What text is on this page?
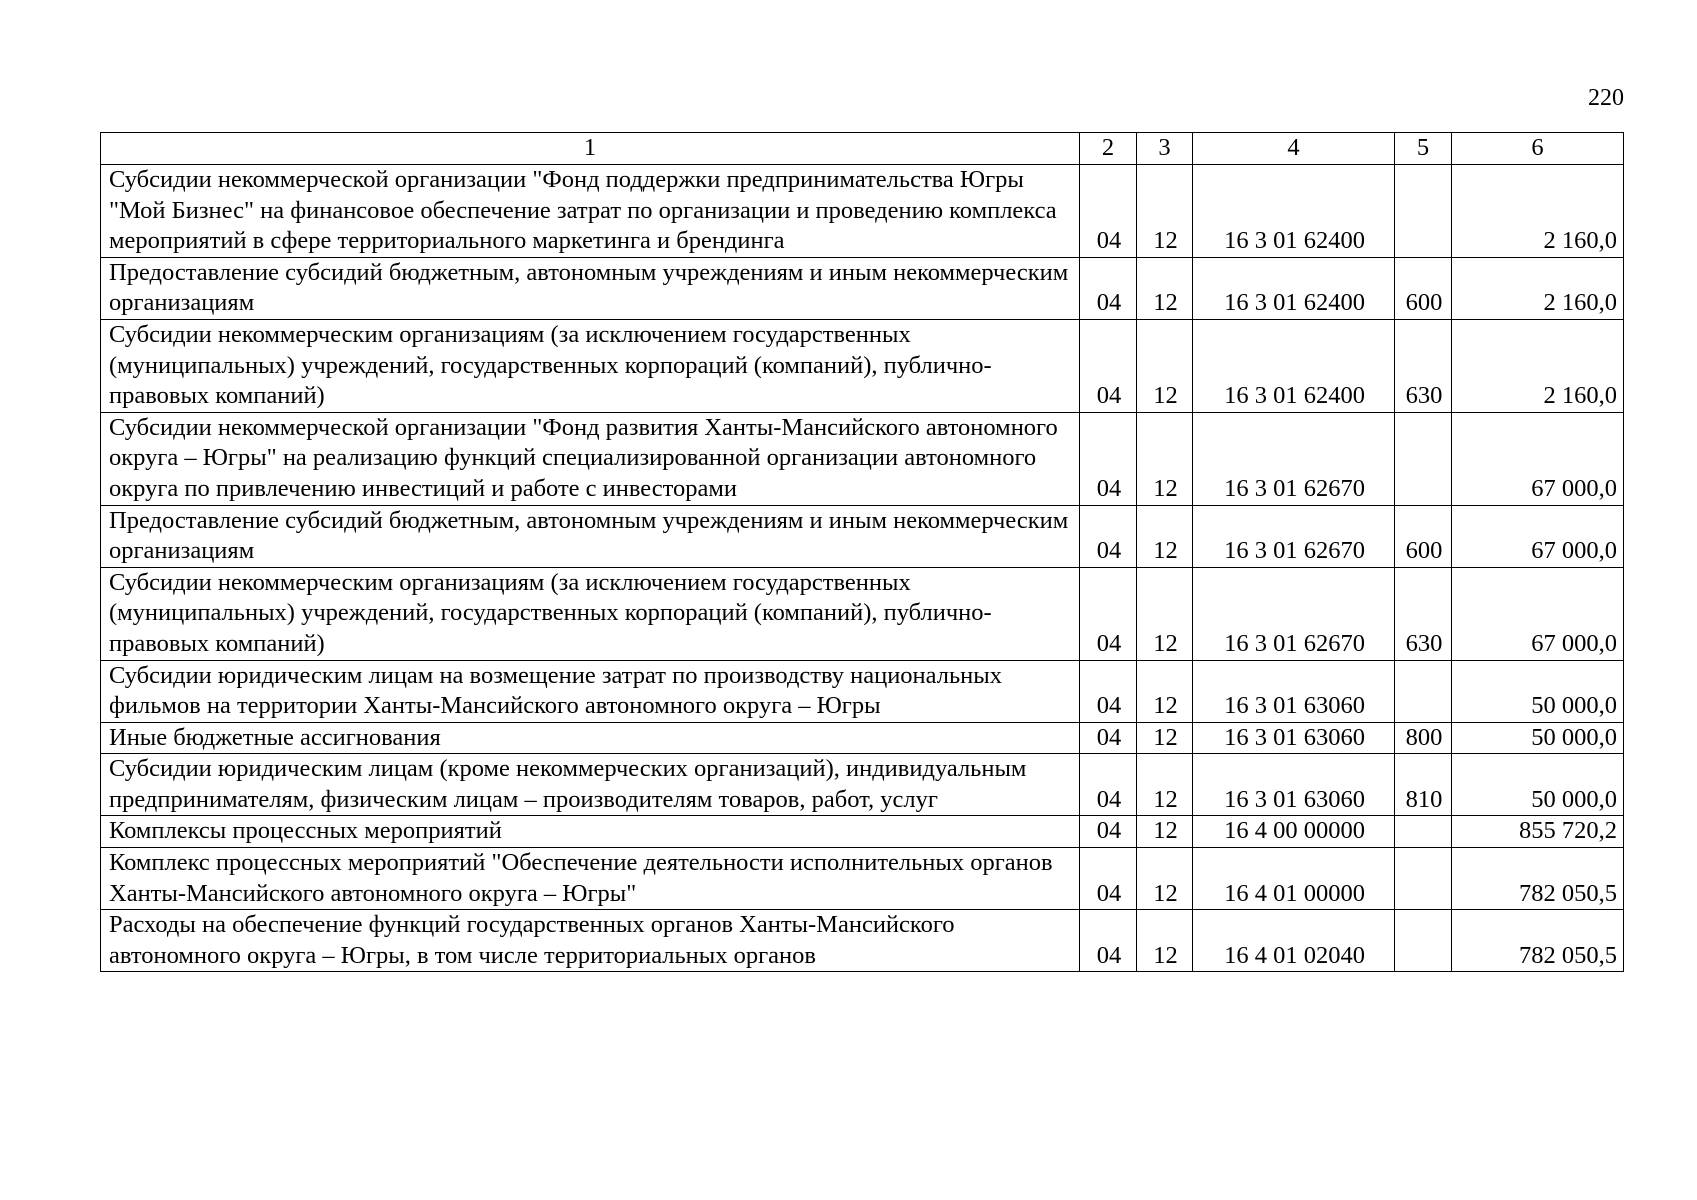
220
1	2	3	4	5	6
Субсидии некоммерческой организации "Фонд поддержки предпринимательства Югры "Мой Бизнес" на финансовое обеспечение затрат по организации и проведению комплекса мероприятий в сфере территориального маркетинга и брендинга	04	12	16 3 01 62400		2 160,0
Предоставление субсидий бюджетным, автономным учреждениям и иным некоммерческим организациям	04	12	16 3 01 62400	600	2 160,0
Субсидии некоммерческим организациям (за исключением государственных (муниципальных) учреждений, государственных корпораций (компаний), публично-правовых компаний)	04	12	16 3 01 62400	630	2 160,0
Субсидии некоммерческой организации "Фонд развития Ханты-Мансийского автономного округа – Югры" на реализацию функций специализированной организации автономного округа по привлечению инвестиций и работе с инвесторами	04	12	16 3 01 62670		67 000,0
Предоставление субсидий бюджетным, автономным учреждениям и иным некоммерческим организациям	04	12	16 3 01 62670	600	67 000,0
Субсидии некоммерческим организациям (за исключением государственных (муниципальных) учреждений, государственных корпораций (компаний), публично-правовых компаний)	04	12	16 3 01 62670	630	67 000,0
Субсидии юридическим лицам на возмещение затрат по производству национальных фильмов на территории Ханты-Мансийского автономного округа – Югры	04	12	16 3 01 63060		50 000,0
Иные бюджетные ассигнования	04	12	16 3 01 63060	800	50 000,0
Субсидии юридическим лицам (кроме некоммерческих организаций), индивидуальным предпринимателям, физическим лицам – производителям товаров, работ, услуг	04	12	16 3 01 63060	810	50 000,0
Комплексы процессных мероприятий	04	12	16 4 00 00000		855 720,2
Комплекс процессных мероприятий "Обеспечение деятельности исполнительных органов Ханты-Мансийского автономного округа – Югры"	04	12	16 4 01 00000		782 050,5
Расходы на обеспечение функций государственных органов Ханты-Мансийского автономного округа – Югры, в том числе территориальных органов	04	12	16 4 01 02040		782 050,5
